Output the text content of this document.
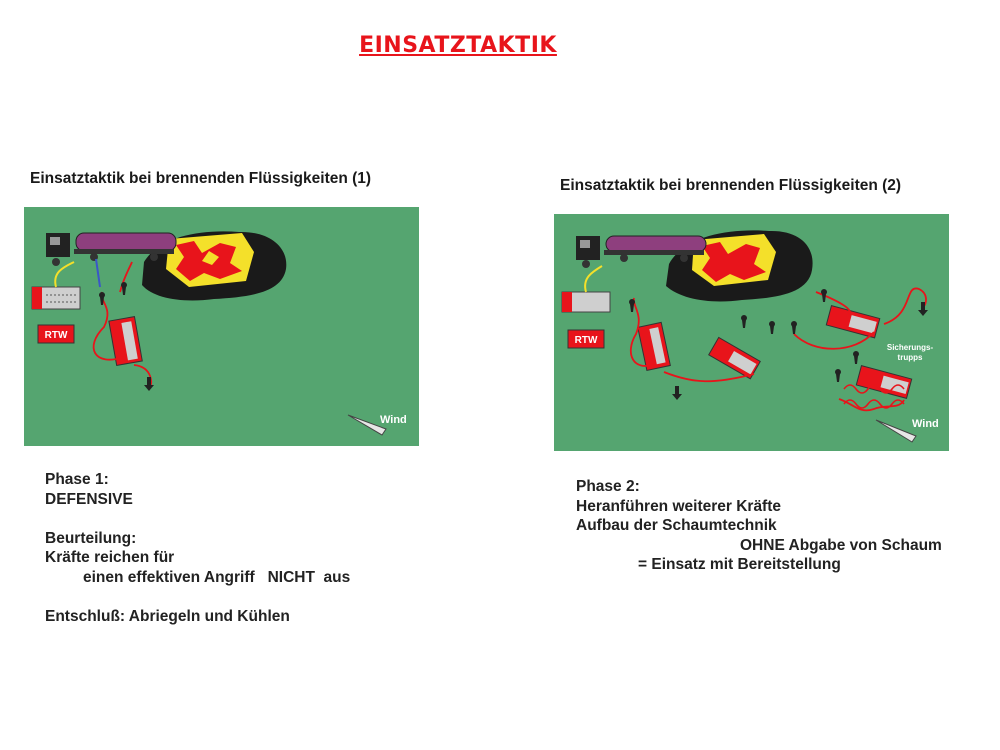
EINSATZTAKTIK
Einsatztaktik bei brennenden Flüssigkeiten (1)
RTW
Wind
Phase 1:
DEFENSIVE
Beurteilung:
Kräfte reichen für
einen effektiven Angriff   NICHT  aus
Entschluß: Abriegeln und Kühlen
Einsatztaktik bei brennenden Flüssigkeiten (2)
RTW
Sicherungs-
trupps
Wind
Phase 2:
Heranführen weiterer Kräfte
Aufbau der Schaumtechnik
OHNE Abgabe von Schaum
= Einsatz mit Bereitstellung
